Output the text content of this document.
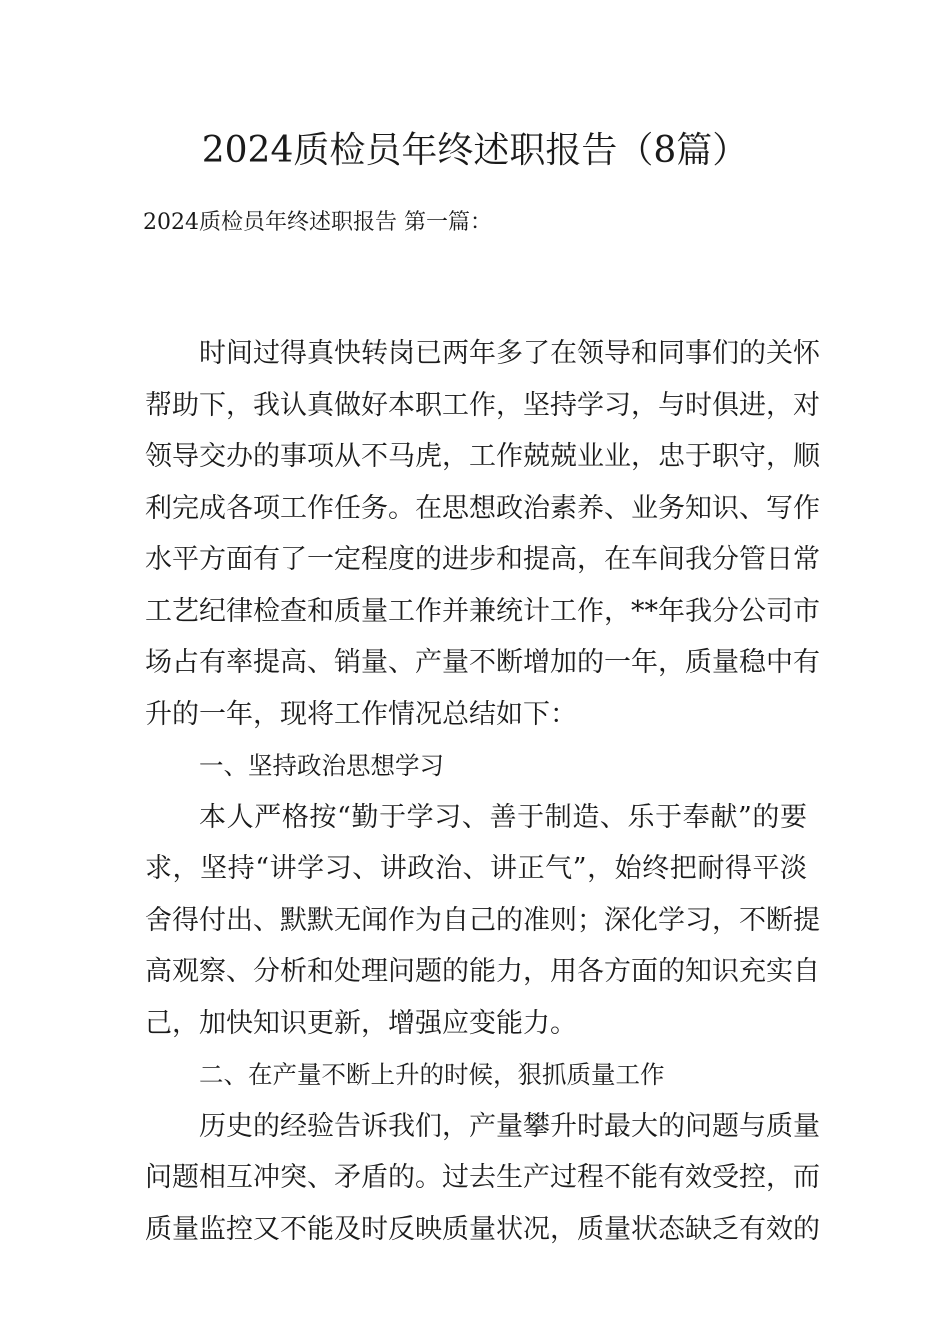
2024质检员年终述职报告（8篇）

2024质检员年终述职报告 第一篇：

时间过得真快转岗已两年多了在领导和同事们的关怀

帮助下，我认真做好本职工作，坚持学习，与时俱进，对

领导交办的事项从不马虎，工作兢兢业业，忠于职守，顺

利完成各项工作任务。在思想政治素养、业务知识、写作

水平方面有了一定程度的进步和提高，在车间我分管日常

工艺纪律检查和质量工作并兼统计工作，**年我分公司市

场占有率提高、销量、产量不断增加的一年，质量稳中有

升的一年，现将工作情况总结如下：

一、坚持政治思想学习

本人严格按“勤于学习、善于制造、乐于奉献”的要

求，坚持“讲学习、讲政治、讲正气”，始终把耐得平淡

舍得付出、默默无闻作为自己的准则；深化学习，不断提

高观察、分析和处理问题的能力，用各方面的知识充实自

己，加快知识更新，增强应变能力。

二、在产量不断上升的时候，狠抓质量工作

历史的经验告诉我们，产量攀升时最大的问题与质量

问题相互冲突、矛盾的。过去生产过程不能有效受控，而

质量监控又不能及时反映质量状况，质量状态缺乏有效的
